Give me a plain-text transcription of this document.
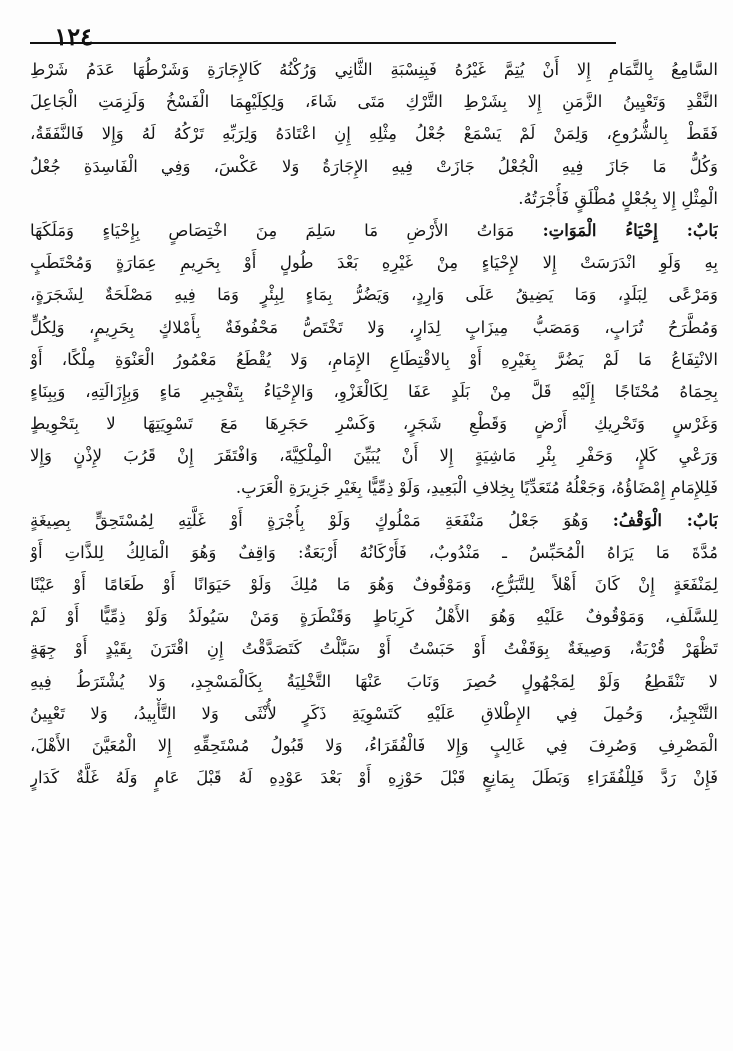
١٢٤
السَّامِعُ بِالتَّمَامِ إِلا أَنْ يُتِمَّ غَيْرُهُ فَبِنِسْبَةِ الثَّانِي وَرُكْنُهُ كَالإِجَارَةِ وَشَرْطُهَا عَدَمُ شَرْطِ
النَّقْدِ وَتَعْيِينُ الزَّمَنِ إِلا بِشَرْطِ التَّرْكِ مَتَى شَاءَ، وَلِكِلَيْهِمَا الْفَسْخُ وَلَزِمَتِ الْجَاعِلَ
فَقَطْ بِالشُّرُوعِ، وَلِمَنْ لَمْ يَسْمَعْ جُعْلُ مِثْلِهِ إِنِ اعْتَادَهُ وَلِرَبِّهِ تَرْكُهُ لَهُ وَإِلا فَالنَّفَقَةُ،
وَكُلُّ مَا جَازَ فِيهِ الْجُعْلُ جَازَتْ فِيهِ الإِجَارَةُ وَلا عَكْسَ، وَفِي الْفَاسِدَةِ جُعْلُ
الْمِثْلِ إِلا بِجُعْلٍ مُطْلَقٍ فَأُجْرَتُهُ.
بَابٌ: إِحْيَاءُ الْمَوَاتِ: مَوَاتُ الأَرْضِ مَا سَلِمَ مِنَ اخْتِصَاصٍ بِإِحْيَاءٍ وَمَلَكَهَا
بِهِ وَلَوِ انْدَرَسَتْ إِلا لإِحْيَاءٍ مِنْ غَيْرِهِ بَعْدَ طُولٍ أَوْ بِحَرِيمِ عِمَارَةٍ وَمُحْتَطَبٍ
وَمَرْعًى لِبَلَدٍ، وَمَا يَضِيقُ عَلَى وَارِدٍ، وَيَضُرُّ بِمَاءٍ لِبِئْرٍ وَمَا فِيهِ مَصْلَحَةٌ لِشَجَرَةٍ،
وَمُطَّرَحُ تُرَابٍ، وَمَصَبُّ مِيزَابٍ لِدَارٍ، وَلا تَخْتَصُّ مَحْفُوفَةٌ بِأَمْلاكٍ بِحَرِيمٍ، وَلِكُلٍّ
الانْتِفَاعُ مَا لَمْ يَضُرَّ بِغَيْرِهِ أَوْ بِالاقْتِطَاعِ الإِمَامِ، وَلا يُقْطَعُ مَعْمُورُ الْعَنْوَةِ مِلْكًا، أَوْ
بِحِمَاهُ مُحْتَاجًا إِلَيْهِ قَلَّ مِنْ بَلَدٍ عَفَا لِكَالْغَزْوِ، وَالإِحْيَاءُ بِتَفْجِيرِ مَاءٍ وَبِإِزَالَتِهِ، وَبِبِنَاءٍ
وَغَرْسٍ وَتَحْرِيكِ أَرْضٍ وَقَطْعِ شَجَرٍ، وَكَسْرِ حَجَرِهَا مَعَ تَسْوِيَتِهَا لا بِتَحْوِيطٍ
وَرَعْيِ كَلإٍ، وَحَفْرِ بِئْرِ مَاشِيَةٍ إِلا أَنْ يُبَيِّنَ الْمِلْكِيَّةَ، وَافْتَقَرَ إِنْ قَرُبَ لإِذْنٍ وَإِلا
فَلِلإِمَامِ إِمْضَاؤُهُ، وَجَعْلُهُ مُتَعَدِّيًا بِخِلافِ الْبَعِيدِ، وَلَوْ ذِمِّيًّا بِغَيْرِ جَزِيرَةِ الْعَرَبِ.
بَابٌ: الْوَقْفُ: وَهُوَ جَعْلُ مَنْفَعَةِ مَمْلُوكٍ وَلَوْ بِأُجْرَةٍ أَوْ غَلَّتِهِ لِمُسْتَحِقٍّ بِصِيغَةٍ
مُدَّةَ مَا يَرَاهُ الْمُحَبِّسُ ـ مَنْدُوبٌ، فَأَرْكَانُهُ أَرْبَعَةٌ: وَاقِفٌ وَهُوَ الْمَالِكُ لِلذَّاتِ أَوْ
لِمَنْفَعَةٍ إِنْ كَانَ أَهْلاً لِلتَّبَرُّعِ، وَمَوْقُوفٌ وَهُوَ مَا مُلِكَ وَلَوْ حَيَوَانًا أَوْ طَعَامًا أَوْ عَيْنًا
لِلسَّلَفِ، وَمَوْقُوفٌ عَلَيْهِ وَهُوَ الأَهْلُ كَرِبَاطٍ وَقَنْطَرَةٍ وَمَنْ سَيُولَدُ وَلَوْ ذِمِّيًّا أَوْ لَمْ
تَظْهَرْ قُرْبَةٌ، وَصِيغَةٌ بِوَقَفْتُ أَوْ حَبَسْتُ أَوْ سَبَّلْتُ كَتَصَدَّقْتُ إِنِ اقْتَرَنَ بِقَيْدٍ أَوْ جِهَةٍ
لا تَنْقَطِعُ وَلَوْ لِمَجْهُولٍ حُصِرَ وَنَابَ عَنْهَا التَّخْلِيَةُ بِكَالْمَسْجِدِ، وَلا يُشْتَرَطُ فِيهِ
التَّنْجِيزُ، وَحُمِلَ فِي الإِطْلاقِ عَلَيْهِ كَتَسْوِيَةِ ذَكَرٍ لأُنْثَى وَلا التَّأْبِيدُ، وَلا تَعْيِينُ
الْمَصْرِفِ وَصُرِفَ فِي غَالِبٍ وَإِلا فَالْفُقَرَاءُ، وَلا قَبُولُ مُسْتَحِقِّهِ إِلا الْمُعَيَّنَ الأَهْلَ،
فَإِنْ رَدَّ فَلِلْفُقَرَاءِ وَبَطَلَ بِمَانِعٍ قَبْلَ حَوْزِهِ أَوْ بَعْدَ عَوْدِهِ لَهُ قَبْلَ عَامٍ وَلَهُ غَلَّةٌ كَدَارٍ
